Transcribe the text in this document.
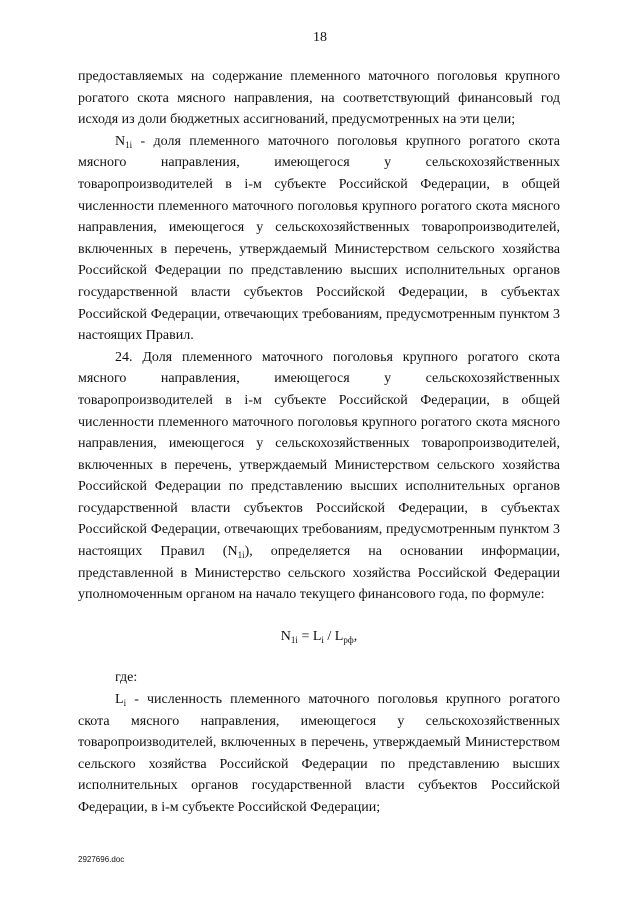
18

предоставляемых на содержание племенного маточного поголовья крупного рогатого скота мясного направления, на соответствующий финансовый год исходя из доли бюджетных ассигнований, предусмотренных на эти цели;

$N_{1i}$ - доля племенного маточного поголовья крупного рогатого скота мясного направления, имеющегося у сельскохозяйственных товаропроизводителей в i-м субъекте Российской Федерации, в общей численности племенного маточного поголовья крупного рогатого скота мясного направления, имеющегося у сельскохозяйственных товаропроизводителей, включенных в перечень, утверждаемый Министерством сельского хозяйства Российской Федерации по представлению высших исполнительных органов государственной власти субъектов Российской Федерации, в субъектах Российской Федерации, отвечающих требованиям, предусмотренным пунктом 3 настоящих Правил.

24. Доля племенного маточного поголовья крупного рогатого скота мясного направления, имеющегося у сельскохозяйственных товаропроизводителей в i-м субъекте Российской Федерации, в общей численности племенного маточного поголовья крупного рогатого скота мясного направления, имеющегося у сельскохозяйственных товаропроизводителей, включенных в перечень, утверждаемый Министерством сельского хозяйства Российской Федерации по представлению высших исполнительных органов государственной власти субъектов Российской Федерации, в субъектах Российской Федерации, отвечающих требованиям, предусмотренным пунктом 3 настоящих Правил $(N_{1i})$, определяется на основании информации, представленной в Министерство сельского хозяйства Российской Федерации уполномоченным органом на начало текущего финансового года, по формуле:

$N_{1i} = L_i / L_{рф}$,

где:

$L_i$ - численность племенного маточного поголовья крупного рогатого скота мясного направления, имеющегося у сельскохозяйственных товаропроизводителей, включенных в перечень, утверждаемый Министерством сельского хозяйства Российской Федерации по представлению высших исполнительных органов государственной власти субъектов Российской Федерации, в i-м субъекте Российской Федерации;

2927696.doc
